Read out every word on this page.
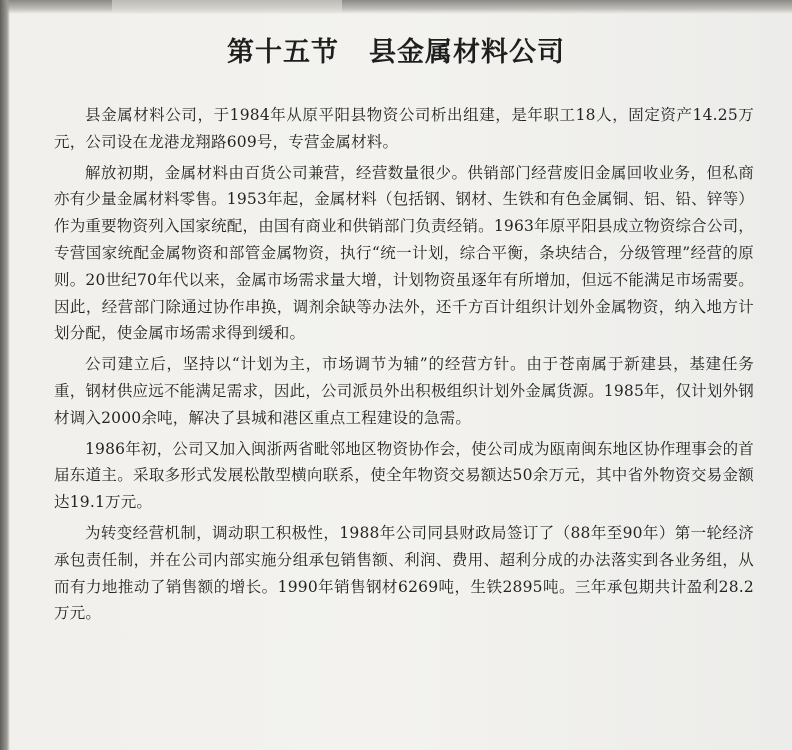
第十五节 县金属材料公司

县金属材料公司，于1984年从原平阳县物资公司析出组建，是年职工18人，固定资产14.25万元，公司设在龙港龙翔路609号，专营金属材料。

解放初期，金属材料由百货公司兼营，经营数量很少。供销部门经营废旧金属回收业务，但私商亦有少量金属材料零售。1953年起，金属材料（包括钢、钢材、生铁和有色金属铜、铝、铅、锌等）作为重要物资列入国家统配，由国有商业和供销部门负责经销。1963年原平阳县成立物资综合公司，专营国家统配金属物资和部管金属物资，执行“统一计划，综合平衡，条块结合，分级管理”经营的原则。20世纪70年代以来，金属市场需求量大增，计划物资虽逐年有所增加，但远不能满足市场需要。因此，经营部门除通过协作串换，调剂余缺等办法外，还千方百计组织计划外金属物资，纳入地方计划分配，使金属市场需求得到缓和。

公司建立后，坚持以“计划为主，市场调节为辅”的经营方针。由于苍南属于新建县，基建任务重，钢材供应远不能满足需求，因此，公司派员外出积极组织计划外金属货源。1985年，仅计划外钢材调入2000余吨，解决了县城和港区重点工程建设的急需。

1986年初，公司又加入闽浙两省毗邻地区物资协作会，使公司成为瓯南闽东地区协作理事会的首届东道主。采取多形式发展松散型横向联系，使全年物资交易额达50余万元，其中省外物资交易金额达19.1万元。

为转变经营机制，调动职工积极性，1988年公司同县财政局签订了（88年至90年）第一轮经济承包责任制，并在公司内部实施分组承包销售额、利润、费用、超利分成的办法落实到各业务组，从而有力地推动了销售额的增长。1990年销售钢材6269吨，生铁2895吨。三年承包期共计盈利28.2万元。
